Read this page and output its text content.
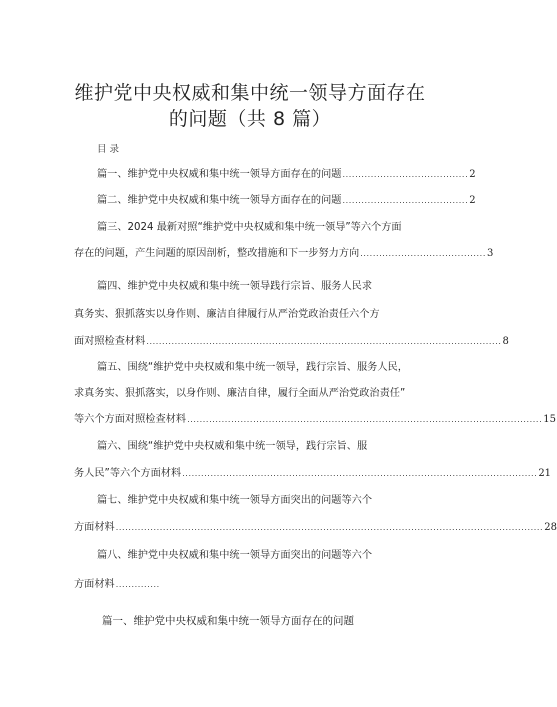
维护党中央权威和集中统一领导方面存在
的问题（共 8 篇）
目录
篇一、维护党中央权威和集中统一领导方面存在的问题 ........................................ 2
篇二、维护党中央权威和集中统一领导方面存在的问题 ........................................ 2
篇三、2024 最新对照“维护党中央权威和集中统一领导”等六个方面
存在的问题，产生问题的原因剖析，整改措施和下一步努力方向 ........................................ 3
篇四、维护党中央权威和集中统一领导践行宗旨、服务人民求
真务实、狠抓落实以身作则、廉洁自律履行从严治党政治责任六个方
面对照检查材料 ................................................................................................................. 8
篇五、围绕“维护党中央权威和集中统一领导，践行宗旨、服务人民，
求真务实、狠抓落实，以身作则、廉洁自律，履行全面从严治党政治责任”
等六个方面对照检查材料 ................................................................................................................. 15
篇六、围绕“维护党中央权威和集中统一领导，践行宗旨、服
务人民”等六个方面材料 ................................................................................................................. 21
篇七、维护党中央权威和集中统一领导方面突出的问题等六个
方面材料 ........................................................................................................................................ 28
篇八、维护党中央权威和集中统一领导方面突出的问题等六个
方面材料 ..............
篇一、维护党中央权威和集中统一领导方面存在的问题
